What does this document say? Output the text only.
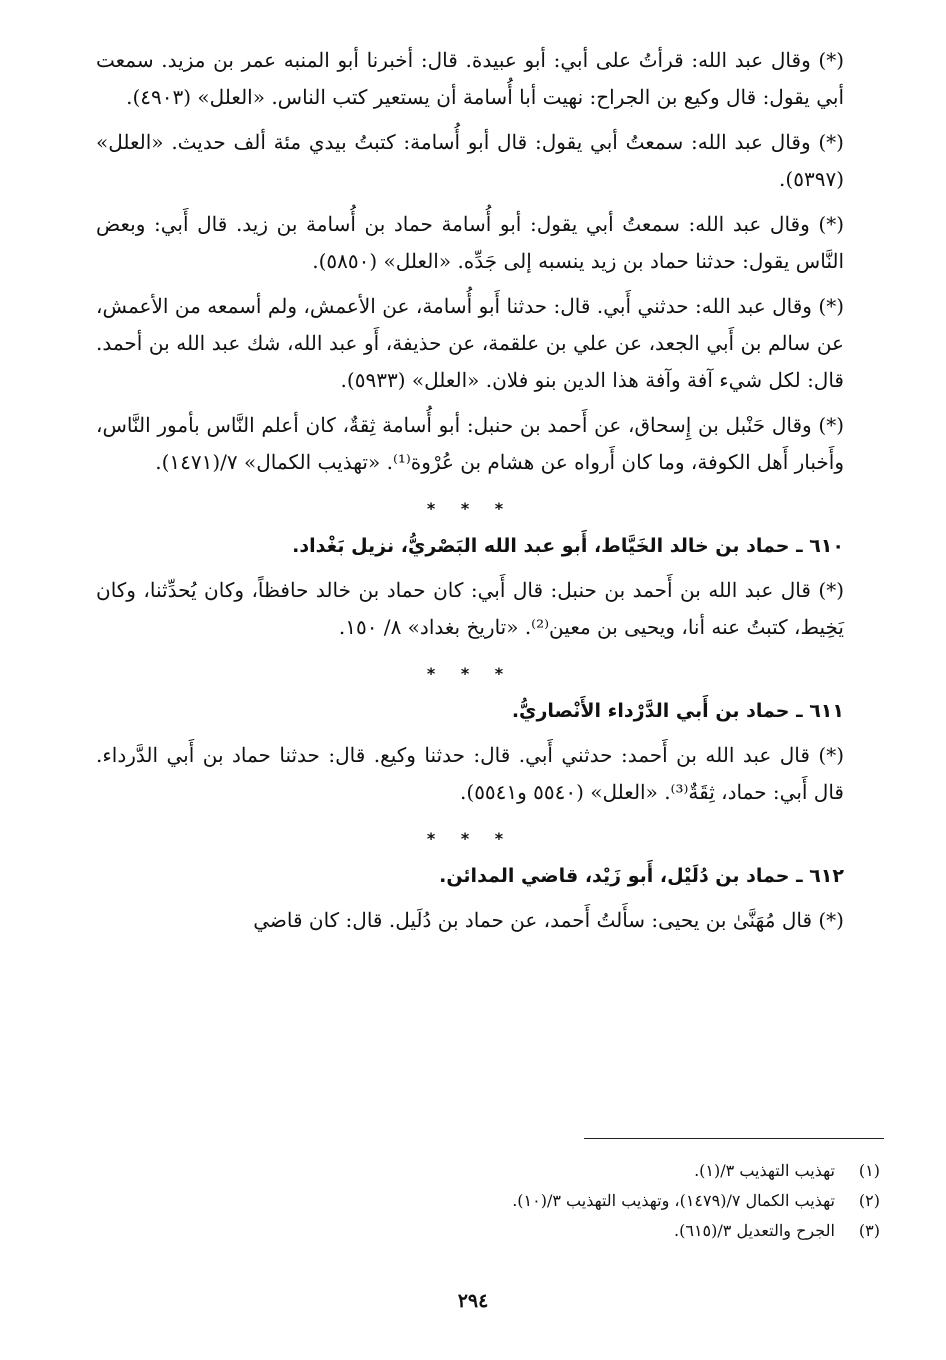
(*) وقال عبد الله: قرأتُ على أبي: أبو عبيدة. قال: أخبرنا أبو المنبه عمر بن مزيد. سمعت أبي يقول: قال وكيع بن الجراح: نهيت أبا أُسامة أن يستعير كتب الناس. «العلل» (٤٩٠٣).

(*) وقال عبد الله: سمعتُ أبي يقول: قال أبو أُسامة: كتبتُ بيدي مئة ألف حديث. «العلل» (٥٣٩٧).

(*) وقال عبد الله: سمعتُ أبي يقول: أبو أُسامة حماد بن أُسامة بن زيد. قال أَبي: وبعض النَّاس يقول: حدثنا حماد بن زيد ينسبه إلى جَدِّه. «العلل» (٥٨٥٠).

(*) وقال عبد الله: حدثني أَبي. قال: حدثنا أَبو أُسامة، عن الأعمش، ولم أسمعه من الأعمش، عن سالم بن أَبي الجعد، عن علي بن علقمة، عن حذيفة، أَو عبد الله، شك عبد الله بن أحمد. قال: لكل شيء آفة وآفة هذا الدين بنو فلان. «العلل» (٥٩٣٣).

(*) وقال حَنْبل بن إِسحاق، عن أَحمد بن حنبل: أبو أُسامة ثِقةٌ، كان أعلم النَّاس بأمور النَّاس، وأَخبار أَهل الكوفة، وما كان أَرواه عن هشام بن عُرْوة⁽¹⁾. «تهذيب الكمال» ٧/(١٤٧١).

* * *
٦١٠ ـ حماد بن خالد الخَيَّاط، أَبو عبد الله البَصْريُّ، نزيل بَغْداد.

(*) قال عبد الله بن أَحمد بن حنبل: قال أَبي: كان حماد بن خالد حافظاً، وكان يُحدِّثنا، وكان يَخِيط، كتبتُ عنه أنا، ويحيى بن معين⁽²⁾. «تاريخ بغداد» ٨/ ١٥٠.

* * *
٦١١ ـ حماد بن أَبي الدَّرْداء الأَنْصاريُّ.

(*) قال عبد الله بن أَحمد: حدثني أَبي. قال: حدثنا وكيع. قال: حدثنا حماد بن أَبي الدَّرداء. قال أَبي: حماد، ثِقَةٌ⁽³⁾. «العلل» (٥٥٤٠ و٥٥٤١).

* * *
٦١٢ ـ حماد بن دُلَيْل، أَبو زَيْد، قاضي المدائن.

(*) قال مُهَنَّىٰ بن يحيى: سأَلتُ أَحمد، عن حماد بن دُلَيل. قال: كان قاضي

(١) تهذيب التهذيب ٣/(١).
(٢) تهذيب الكمال ٧/(١٤٧٩)، وتهذيب التهذيب ٣/(١٠).
(٣) الجرح والتعديل ٣/(٦١٥).
٢٩٤
